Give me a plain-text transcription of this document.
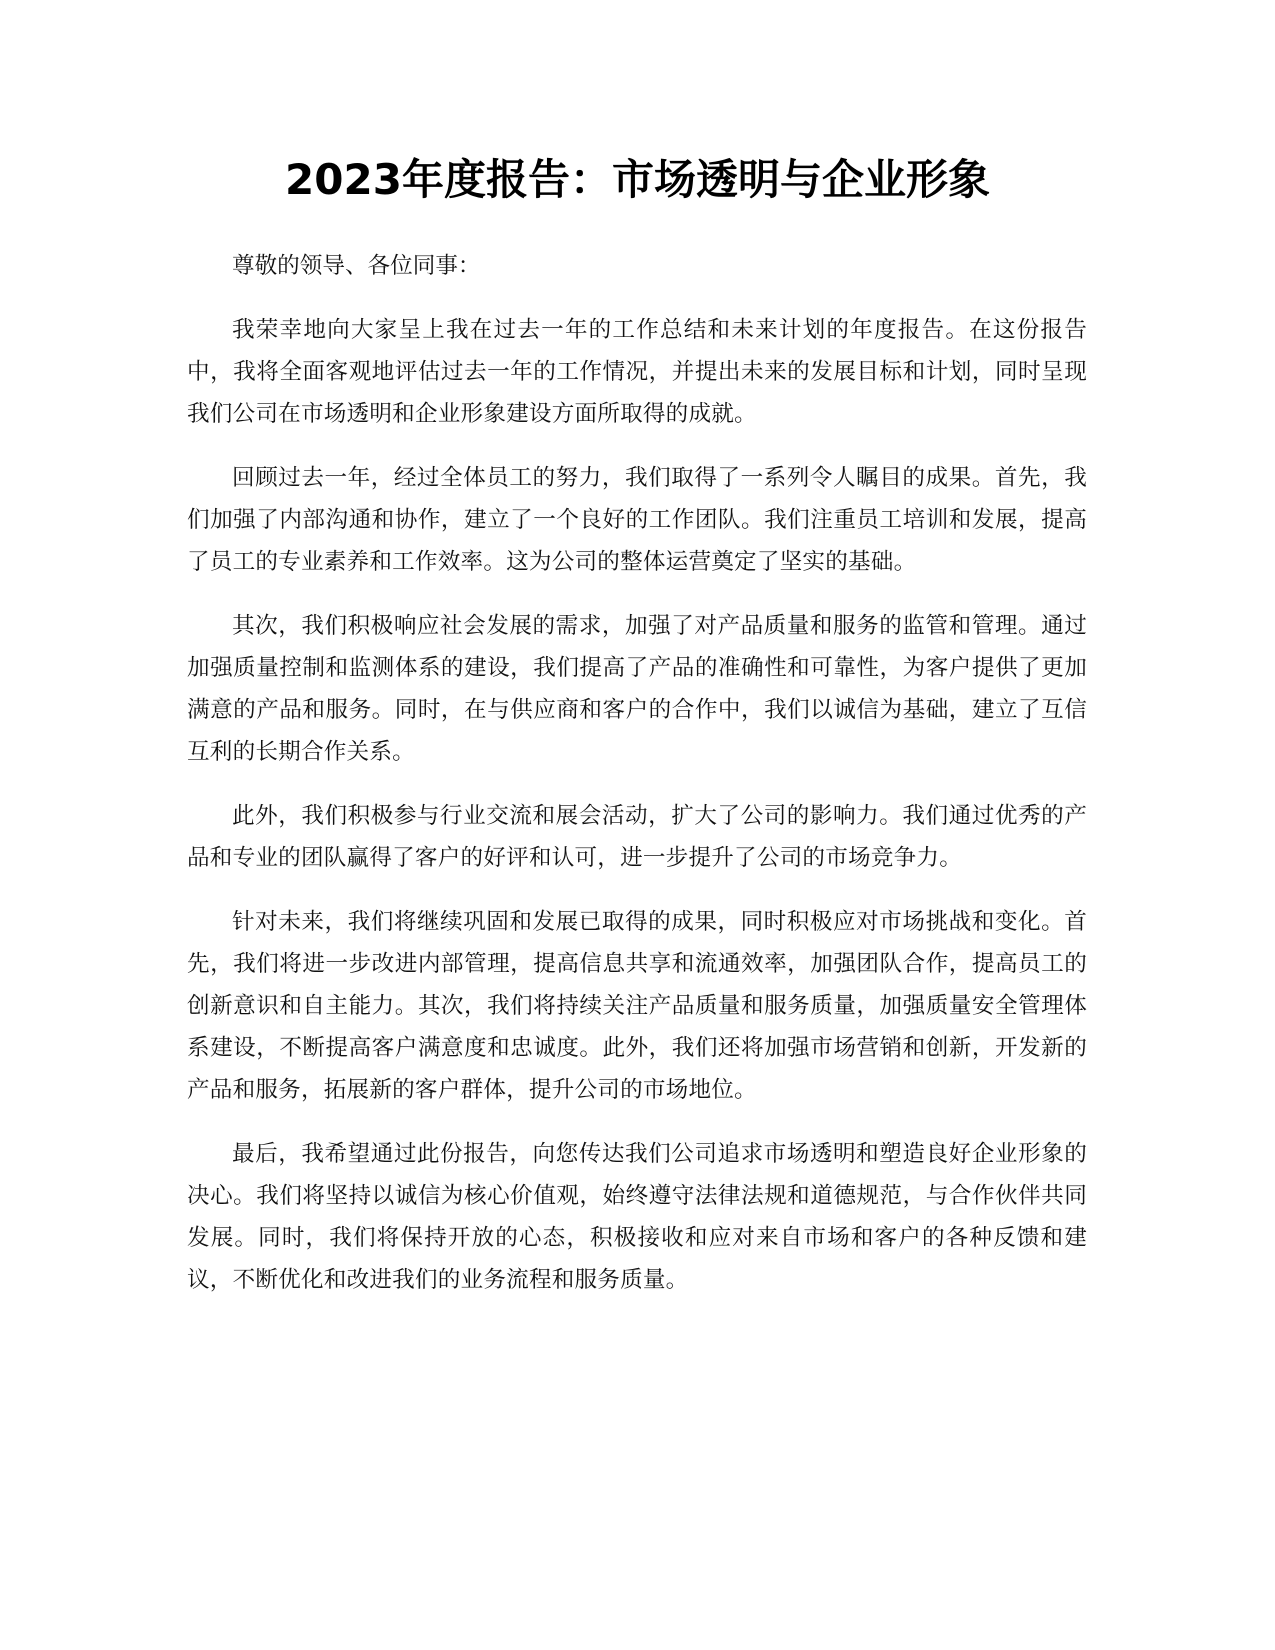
2023年度报告：市场透明与企业形象

尊敬的领导、各位同事：

我荣幸地向大家呈上我在过去一年的工作总结和未来计划的年度报告。在这份报告中，我将全面客观地评估过去一年的工作情况，并提出未来的发展目标和计划，同时呈现我们公司在市场透明和企业形象建设方面所取得的成就。

回顾过去一年，经过全体员工的努力，我们取得了一系列令人瞩目的成果。首先，我们加强了内部沟通和协作，建立了一个良好的工作团队。我们注重员工培训和发展，提高了员工的专业素养和工作效率。这为公司的整体运营奠定了坚实的基础。

其次，我们积极响应社会发展的需求，加强了对产品质量和服务的监管和管理。通过加强质量控制和监测体系的建设，我们提高了产品的准确性和可靠性，为客户提供了更加满意的产品和服务。同时，在与供应商和客户的合作中，我们以诚信为基础，建立了互信互利的长期合作关系。

此外，我们积极参与行业交流和展会活动，扩大了公司的影响力。我们通过优秀的产品和专业的团队赢得了客户的好评和认可，进一步提升了公司的市场竞争力。

针对未来，我们将继续巩固和发展已取得的成果，同时积极应对市场挑战和变化。首先，我们将进一步改进内部管理，提高信息共享和流通效率，加强团队合作，提高员工的创新意识和自主能力。其次，我们将持续关注产品质量和服务质量，加强质量安全管理体系建设，不断提高客户满意度和忠诚度。此外，我们还将加强市场营销和创新，开发新的产品和服务，拓展新的客户群体，提升公司的市场地位。

最后，我希望通过此份报告，向您传达我们公司追求市场透明和塑造良好企业形象的决心。我们将坚持以诚信为核心价值观，始终遵守法律法规和道德规范，与合作伙伴共同发展。同时，我们将保持开放的心态，积极接收和应对来自市场和客户的各种反馈和建议，不断优化和改进我们的业务流程和服务质量。
